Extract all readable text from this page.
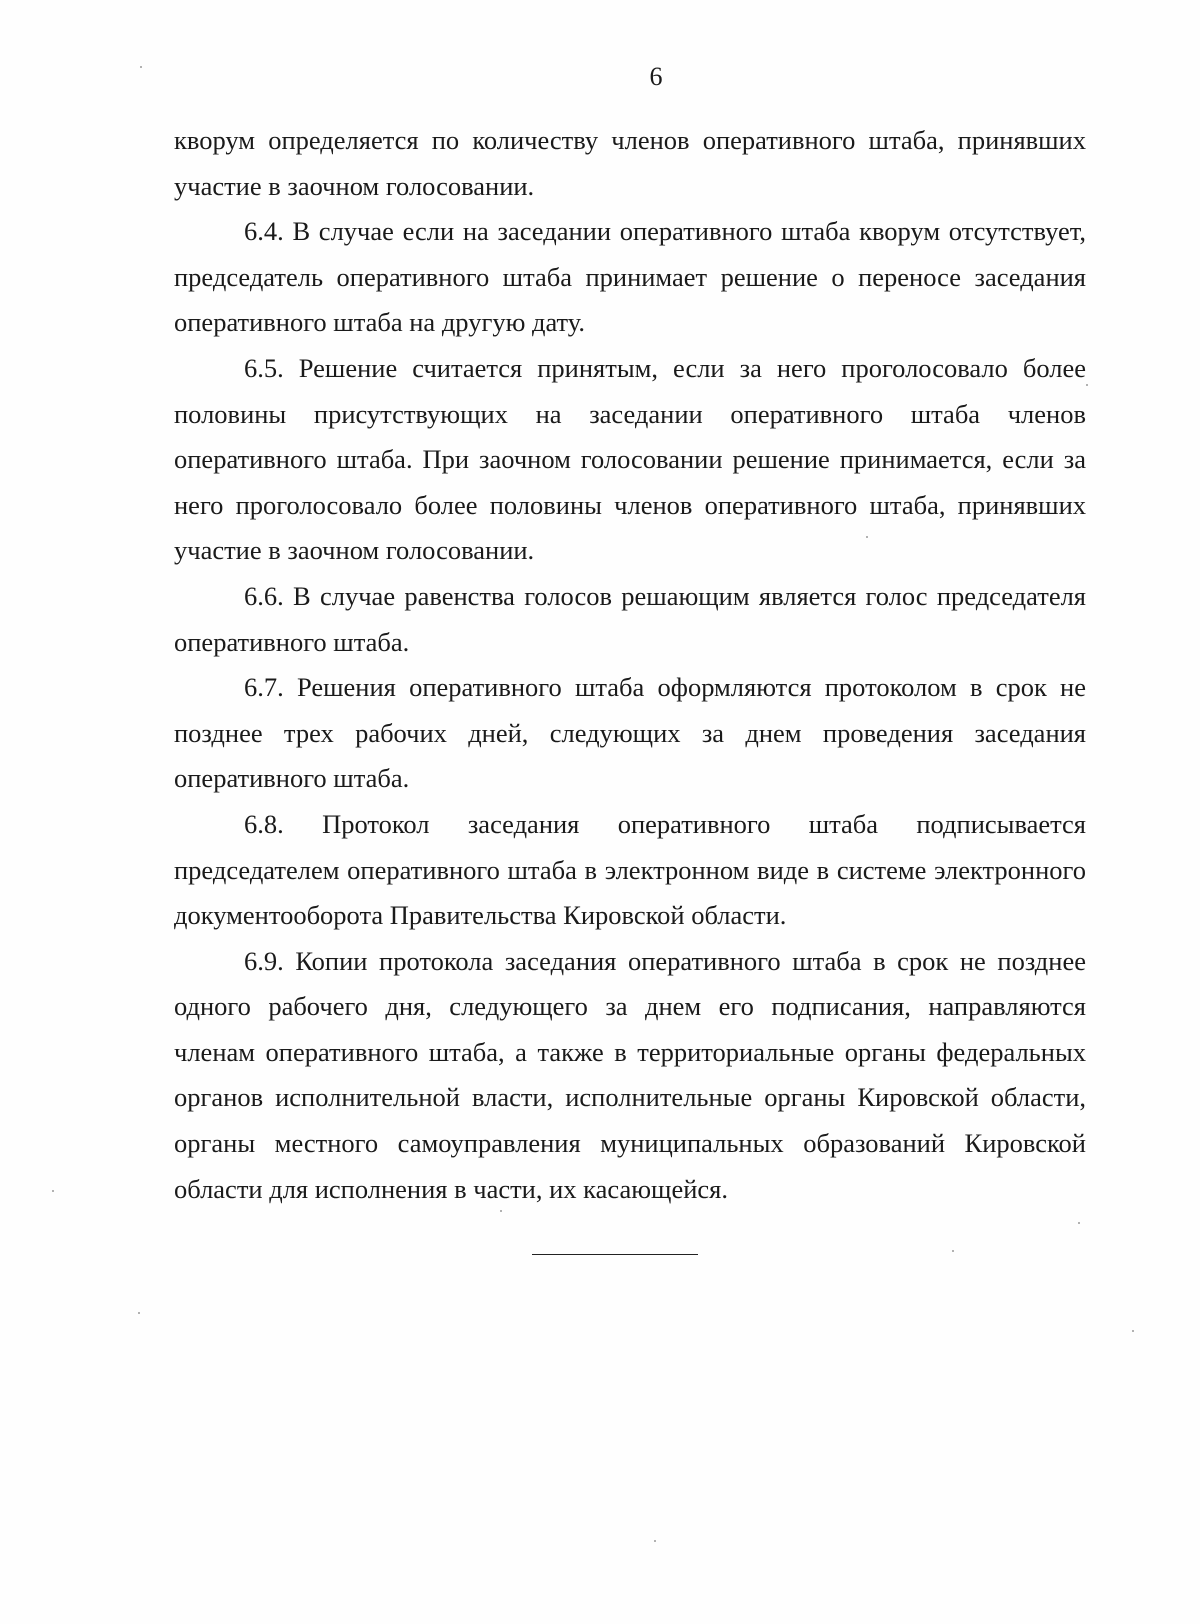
6

кворум определяется по количеству членов оперативного штаба, принявших участие в заочном голосовании.

6.4. В случае если на заседании оперативного штаба кворум отсутствует, председатель оперативного штаба принимает решение о переносе заседания оперативного штаба на другую дату.

6.5. Решение считается принятым, если за него проголосовало более половины присутствующих на заседании оперативного штаба членов оперативного штаба. При заочном голосовании решение принимается, если за него проголосовало более половины членов оперативного штаба, принявших участие в заочном голосовании.

6.6. В случае равенства голосов решающим является голос председателя оперативного штаба.

6.7. Решения оперативного штаба оформляются протоколом в срок не позднее трех рабочих дней, следующих за днем проведения заседания оперативного штаба.

6.8. Протокол заседания оперативного штаба подписывается председателем оперативного штаба в электронном виде в системе электронного документооборота Правительства Кировской области.

6.9. Копии протокола заседания оперативного штаба в срок не позднее одного рабочего дня, следующего за днем его подписания, направляются членам оперативного штаба, а также в территориальные органы федеральных органов исполнительной власти, исполнительные органы Кировской области, органы местного самоуправления муниципальных образований Кировской области для исполнения в части, их касающейся.
